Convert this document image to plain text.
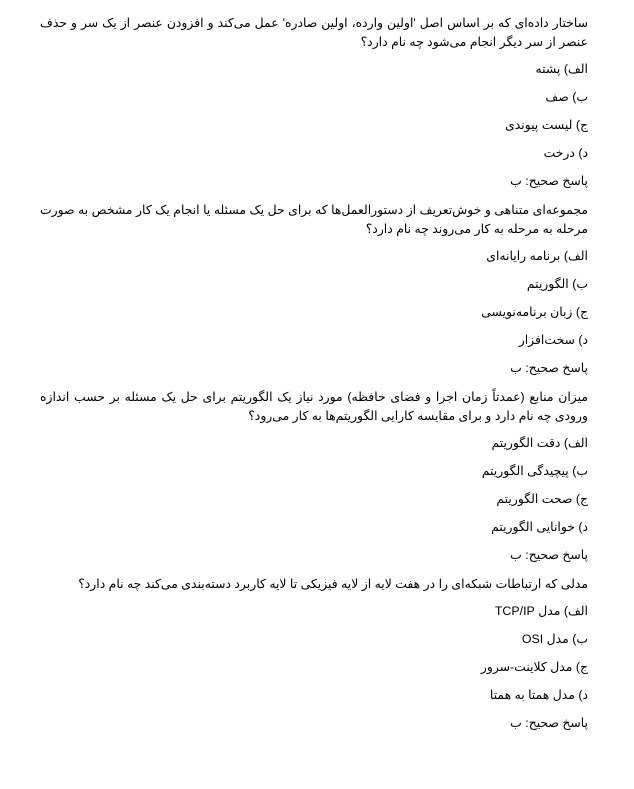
ساختار داده‌ای که بر اساس اصل 'اولین وارده، اولین صادره' عمل می‌کند و افزودن عنصر از یک سر و حذف عنصر از سر دیگر انجام می‌شود چه نام دارد؟

الف) پشته
ب) صف
ج) لیست پیوندی
د) درخت
پاسخ صحیح: ب

مجموعه‌ای متناهی و خوش‌تعریف از دستورالعمل‌ها که برای حل یک مسئله یا انجام یک کار مشخص به صورت مرحله به مرحله به کار می‌روند چه نام دارد؟

الف) برنامه رایانه‌ای
ب) الگوریتم
ج) زبان برنامه‌نویسی
د) سخت‌افزار
پاسخ صحیح: ب

میزان منابع (عمدتاً زمان اجرا و فضای حافظه) مورد نیاز یک الگوریتم برای حل یک مسئله بر حسب اندازه ورودی چه نام دارد و برای مقایسه کارایی الگوریتم‌ها به کار می‌رود؟

الف) دقت الگوریتم
ب) پیچیدگی الگوریتم
ج) صحت الگوریتم
د) خوانایی الگوریتم
پاسخ صحیح: ب

مدلی که ارتباطات شبکه‌ای را در هفت لایه از لایه فیزیکی تا لایه کاربرد دسته‌بندی می‌کند چه نام دارد؟

الف) مدل TCP/IP
ب) مدل OSI
ج) مدل کلاینت-سرور
د) مدل همتا به همتا
پاسخ صحیح: ب
